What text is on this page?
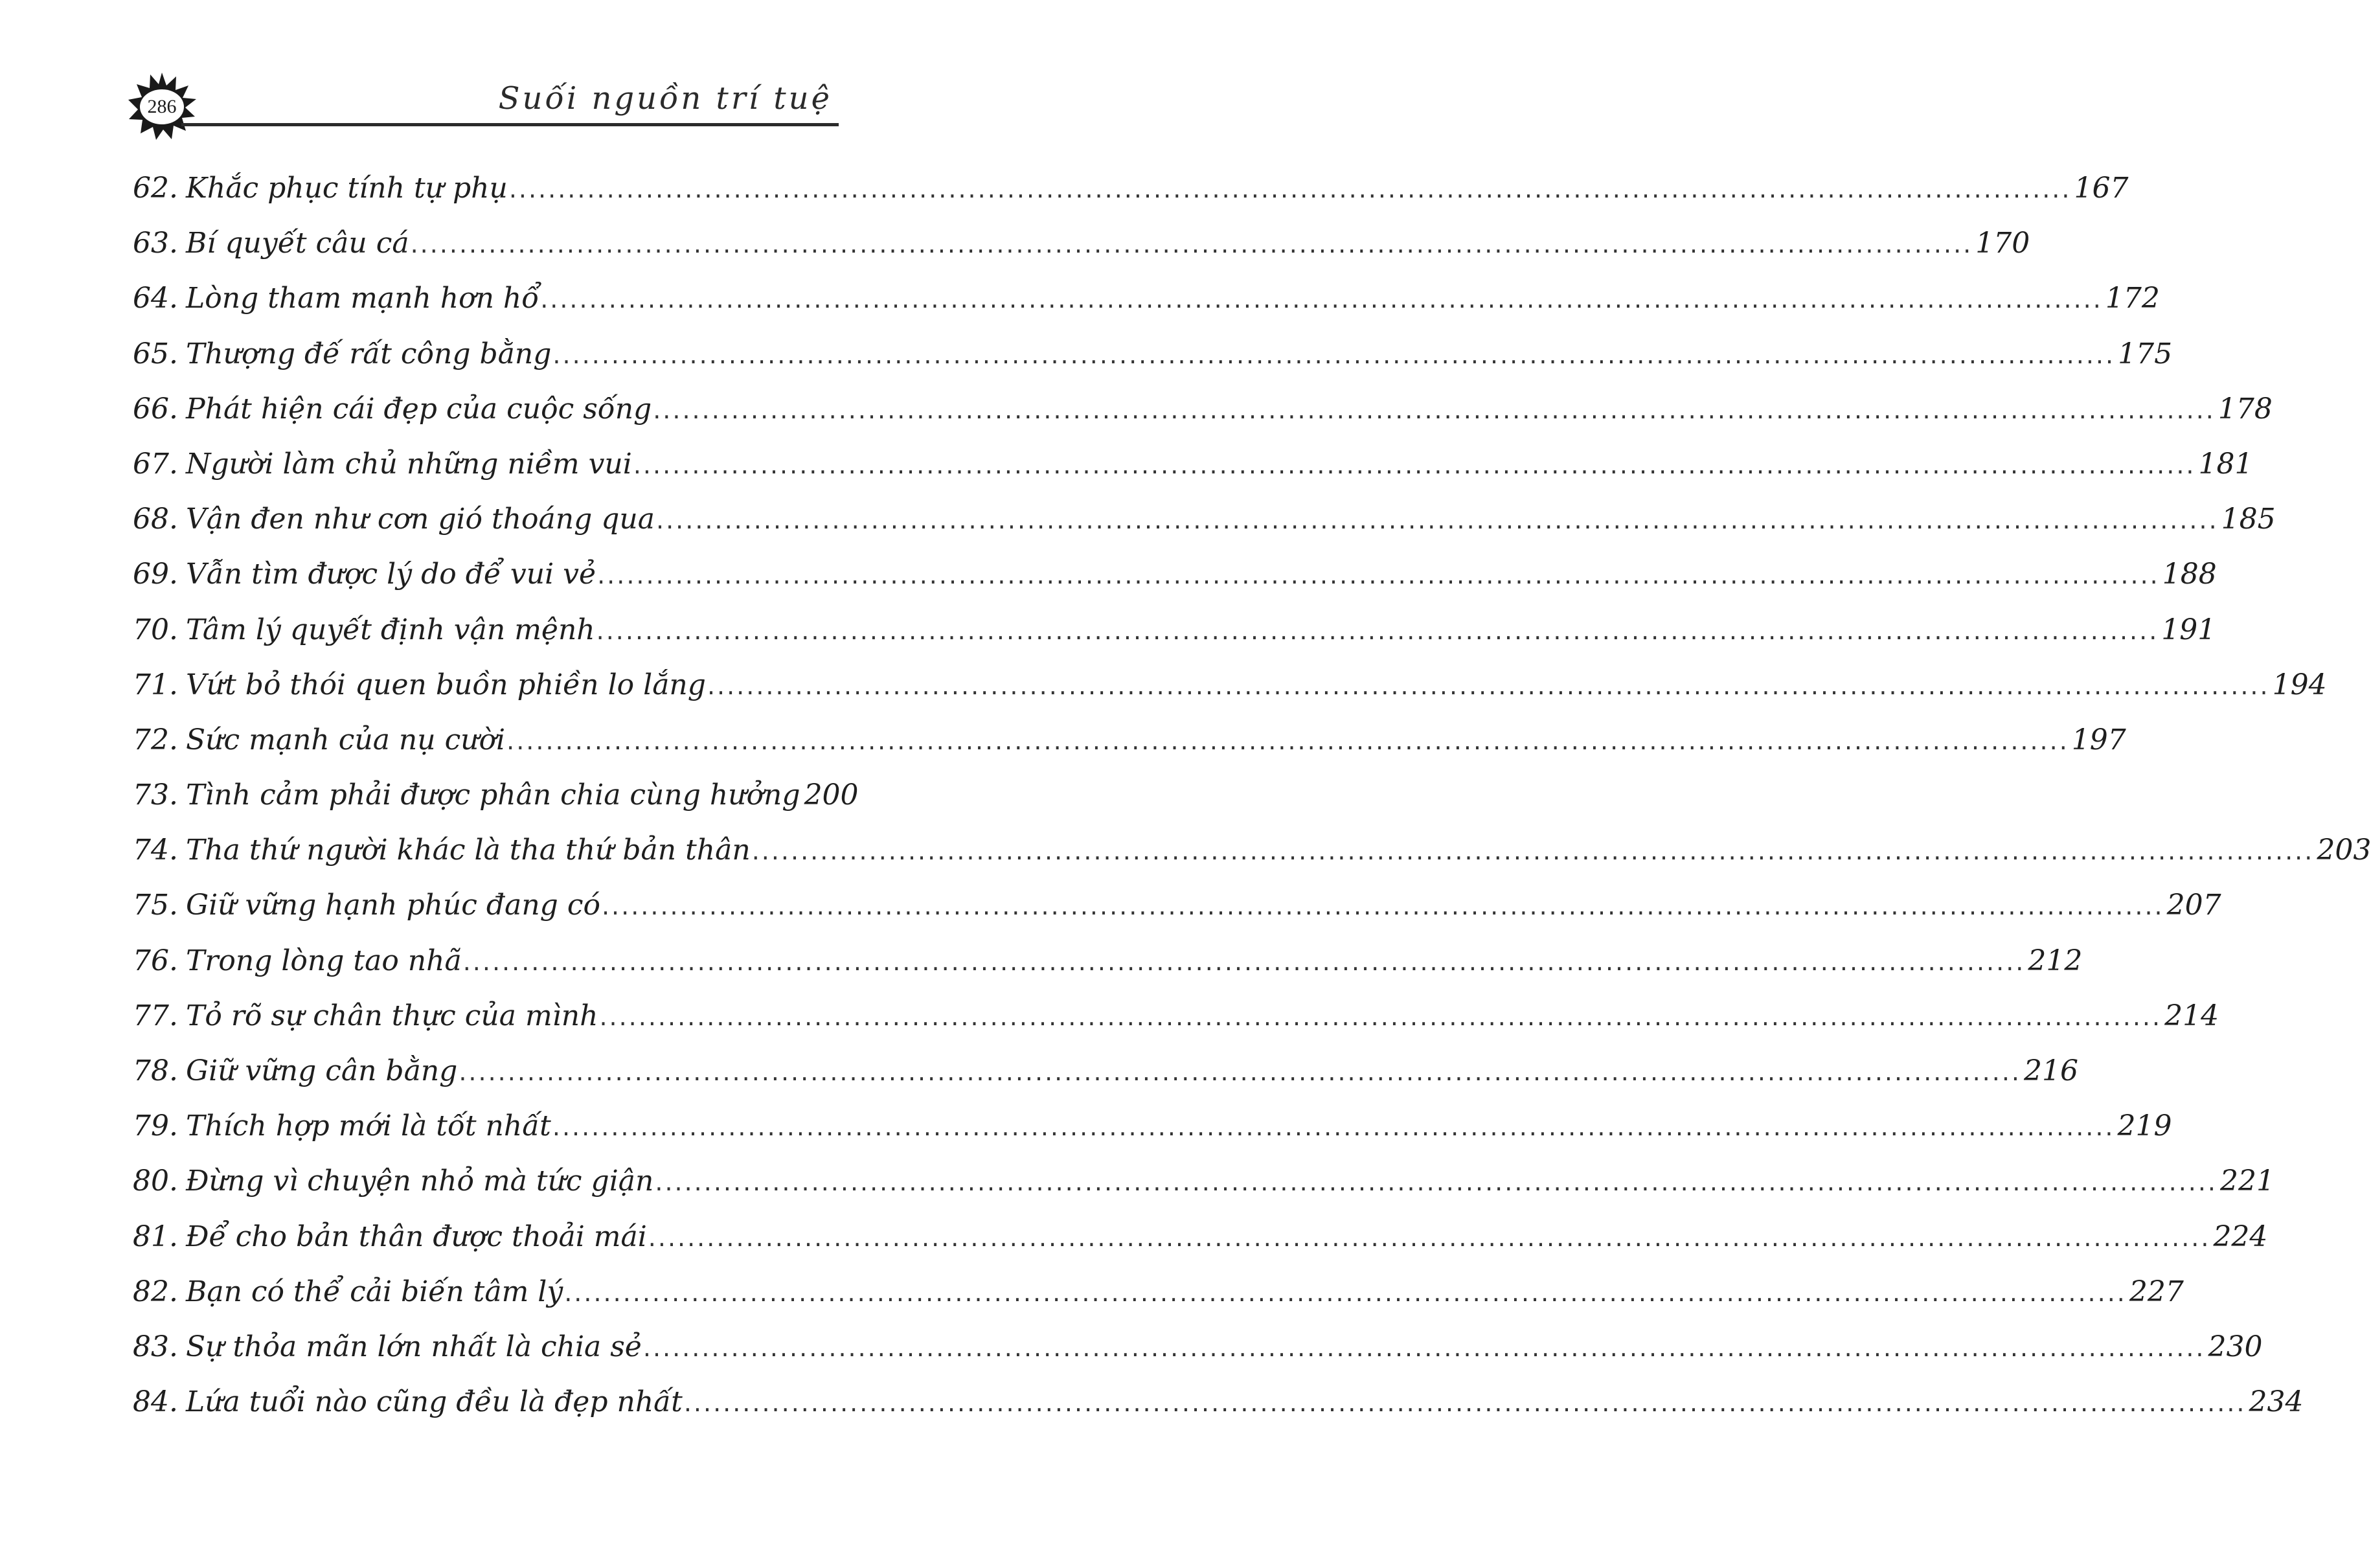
286	Suối nguồn trí tuệ
62. Khắc phục tính tự phụ .....	167
63. Bí quyết câu cá .....	170
64. Lòng tham mạnh hơn hổ .....	172
65. Thượng đế rất công bằng .....	175
66. Phát hiện cái đẹp của cuộc sống .....	178
67. Người làm chủ những niềm vui .....	181
68. Vận đen như cơn gió thoáng qua .....	185
69. Vẫn tìm được lý do để vui vẻ .....	188
70. Tâm lý quyết định vận mệnh .....	191
71. Vứt bỏ thói quen buồn phiền lo lắng .....	194
72. Sức mạnh của nụ cười .....	197
73. Tình cảm phải được phân chia cùng hưởng 200
74. Tha thứ người khác là tha thứ bản thân .....	203
75. Giữ vững hạnh phúc đang có .....	207
76. Trong lòng tao nhã .....	212
77. Tỏ rõ sự chân thực của mình .....	214
78. Giữ vững cân bằng .....	216
79. Thích hợp mới là tốt nhất .....	219
80. Đừng vì chuyện nhỏ mà tức giận .....	221
81. Để cho bản thân được thoải mái .....	224
82. Bạn có thể cải biến tâm lý .....	227
83. Sự thỏa mãn lớn nhất là chia sẻ .....	230
84. Lứa tuổi nào cũng đều là đẹp nhất .....	234
